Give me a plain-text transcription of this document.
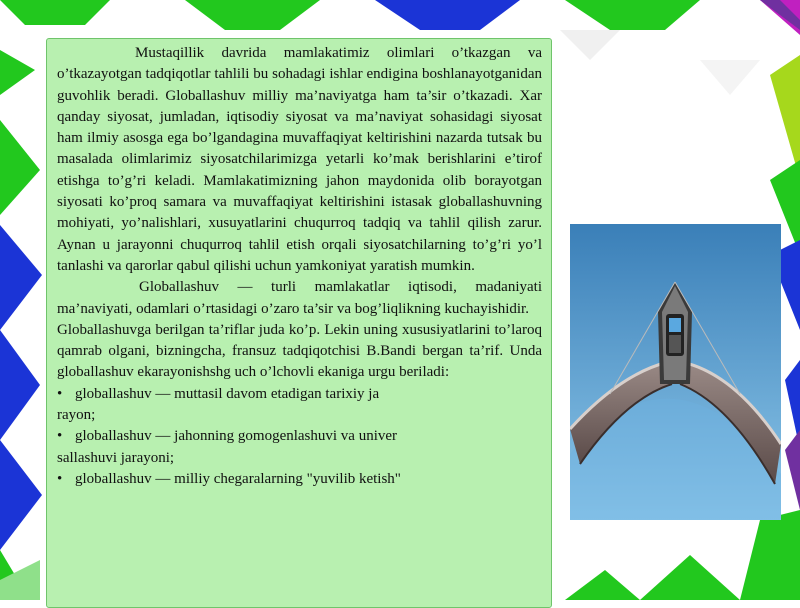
Mustaqillik davrida mamlakatimiz olimlari o’tkazgan va o’tkazayotgan tadqiqotlar tahlili bu sohadagi ishlar endigina boshlanayotganidan guvohlik beradi. Globallashuv milliy ma’naviyatga ham ta’sir o’tkazadi. Xar qanday siyosat, jumladan, iqtisodiy siyosat va ma’naviyat sohasidagi siyosat ham ilmiy asosga ega bo’lgandagina muvaffaqiyat keltirishini nazarda tutsak bu masalada olimlarimiz siyosatchilarimizga yetarli ko’mak berishlarini e’tirof etishga to’g’ri keladi. Mamlakatimizning jahon maydonida olib borayotgan siyosati ko’proq samara va muvaffaqiyat keltirishini istasak globallashuvning mohiyati, yo’nalishlari, xusuyatlarini chuqurroq tadqiq va tahlil qilish zarur. Aynan u jarayonni chuqurroq tahlil etish orqali siyosatchilarning to’g’ri yo’l tanlashi va qarorlar qabul qilishi uchun yamkoniyat yaratish mumkin.

Globallashuv — turli mamlakatlar iqtisodi, madaniyati ma’naviyati, odamlari o’rtasidagi o’zaro ta’sir va bog’liqlikning kuchayishidir.

Globallashuvga berilgan ta’riflar juda ko’p. Lekin uning xususiyatlarini to’laroq qamrab olgani, bizningcha, fransuz tadqiqotchisi B.Bandi bergan ta’rif. Unda globallashuv ekarayonishshg uch o’lchovli ekaniga urgu beriladi:

• globallashuv — muttasil davom etadigan tarixiy ja

rayon;

• globallashuv — jahonning gomogenlashuvi va univer

sallashuvi jarayoni;

• globallashuv — milliy chegaralarning "yuvilib ketish"
